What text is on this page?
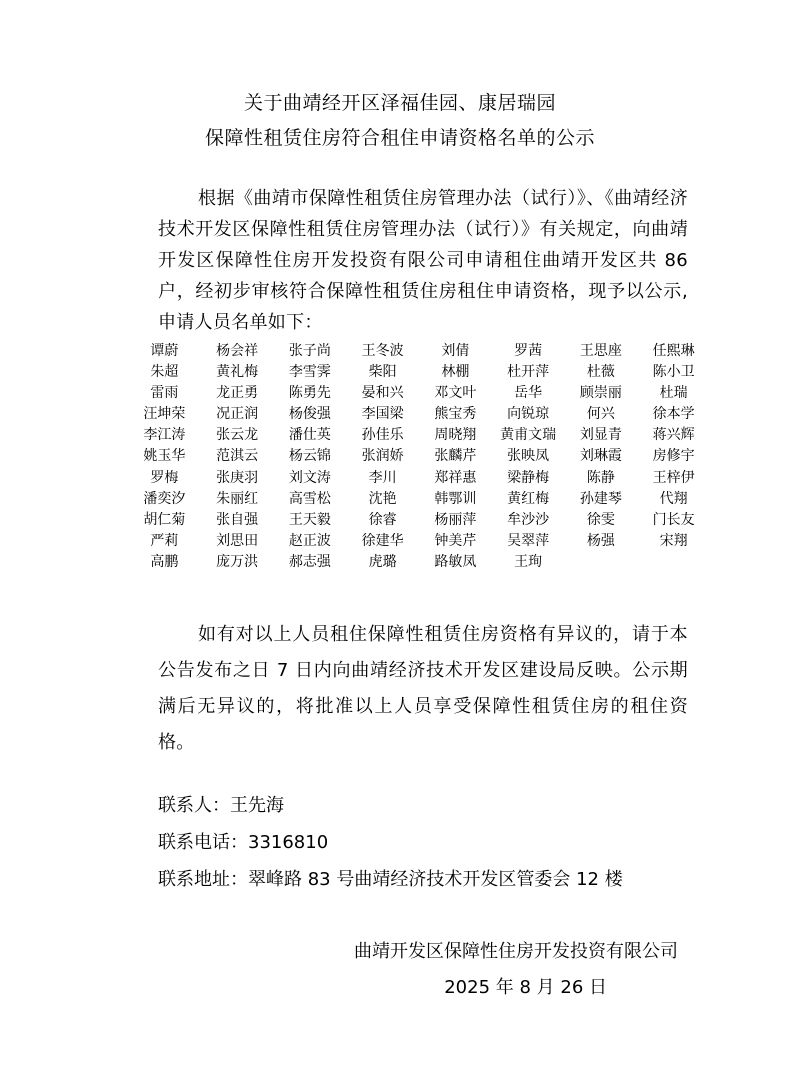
关于曲靖经开区泽福佳园、康居瑞园
保障性租赁住房符合租住申请资格名单的公示
根据《曲靖市保障性租赁住房管理办法（试行）》、《曲靖经济技术开发区保障性租赁住房管理办法（试行）》有关规定，向曲靖开发区保障性住房开发投资有限公司申请租住曲靖开发区共 86 户，经初步审核符合保障性租赁住房租住申请资格，现予以公示,申请人员名单如下：
谭蔚	杨会祥	张子尚	王冬波	刘倩	罗茜	王思座	任熙琳
朱超	黄礼梅	李雪霁	柴阳	林棚	杜开萍	杜薇	陈小卫
雷雨	龙正勇	陈勇先	晏和兴	邓文叶	岳华	顾崇丽	杜瑞
汪坤荣	况正润	杨俊强	李国梁	熊宝秀	向锐琼	何兴	徐本学
李江涛	张云龙	潘仕英	孙佳乐	周晓翔	黄甫文瑞	刘显青	蒋兴辉
姚玉华	范淇云	杨云锦	张润娇	张麟芹	张映凤	刘琳霞	房修宇
罗梅	张庚羽	刘文涛	李川	郑祥惠	梁静梅	陈静	王梓伊
潘奕汐	朱丽红	高雪松	沈艳	韩鄂训	黄红梅	孙建琴	代翔
胡仁菊	张自强	王天毅	徐睿	杨丽萍	牟沙沙	徐雯	门长友
严莉	刘思田	赵正波	徐建华	钟美芹	吴翠萍	杨强	宋翔
高鹏	庞万洪	郝志强	虎璐	路敏凤	王珣
如有对以上人员租住保障性租赁住房资格有异议的，请于本公告发布之日 7 日内向曲靖经济技术开发区建设局反映。公示期满后无异议的，将批准以上人员享受保障性租赁住房的租住资格。
联系人：王先海
联系电话：3316810
联系地址：翠峰路 83 号曲靖经济技术开发区管委会 12 楼
曲靖开发区保障性住房开发投资有限公司
2025 年 8 月 26 日
